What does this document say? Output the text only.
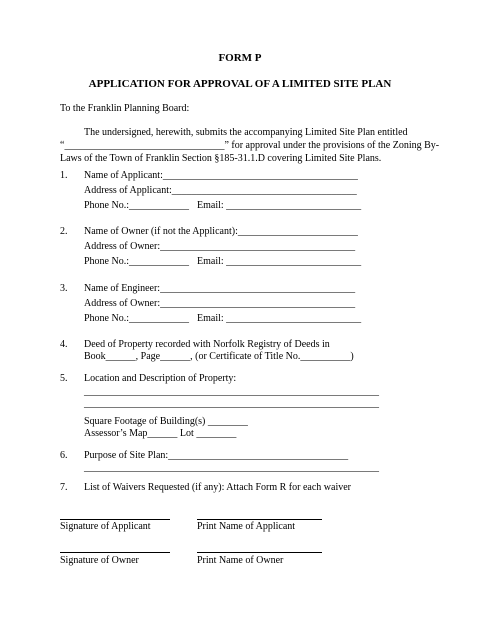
FORM P
APPLICATION FOR APPROVAL OF A LIMITED SITE PLAN
To the Franklin Planning Board:
The undersigned, herewith, submits the accompanying Limited Site Plan entitled
“________________________________” for approval under the provisions of the Zoning By-
Laws of the Town of Franklin Section §185-31.1.D covering Limited Site Plans.
1. Name of Applicant:_______________________________________
Address of Applicant:_____________________________________
Phone No.:____________ Email: ___________________________
2. Name of Owner (if not the Applicant):________________________
Address of Owner:_______________________________________
Phone No.:____________ Email: ___________________________
3. Name of Engineer:_______________________________________
Address of Owner:_______________________________________
Phone No.:____________ Email: ___________________________
4. Deed of Property recorded with Norfolk Registry of Deeds in
Book______, Page______, (or Certificate of Title No.__________)
5. Location and Description of Property:
___________________________________________________________
___________________________________________________________
Square Footage of Building(s) ________
Assessor’s Map______ Lot ________
6. Purpose of Site Plan:____________________________________
___________________________________________________________
7. List of Waivers Requested (if any): Attach Form R for each waiver
Signature of Applicant	Print Name of Applicant
Signature of Owner	Print Name of Owner
